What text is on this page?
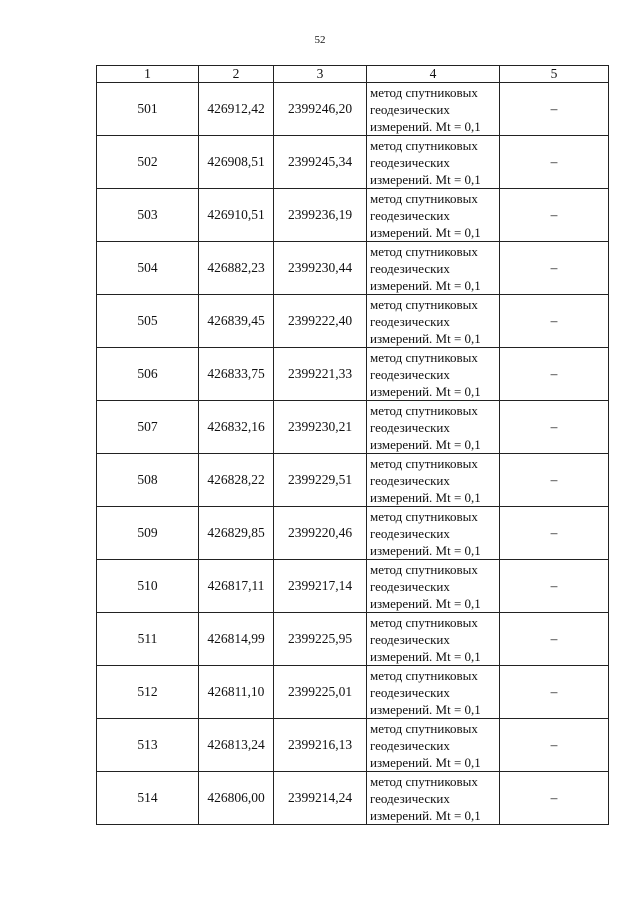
52
1	2	3	4	5
501	426912,42	2399246,20	метод спутниковых
геодезических
измерений. Mt = 0,1	–
502	426908,51	2399245,34	метод спутниковых
геодезических
измерений. Mt = 0,1	–
503	426910,51	2399236,19	метод спутниковых
геодезических
измерений. Mt = 0,1	–
504	426882,23	2399230,44	метод спутниковых
геодезических
измерений. Mt = 0,1	–
505	426839,45	2399222,40	метод спутниковых
геодезических
измерений. Mt = 0,1	–
506	426833,75	2399221,33	метод спутниковых
геодезических
измерений. Mt = 0,1	–
507	426832,16	2399230,21	метод спутниковых
геодезических
измерений. Mt = 0,1	–
508	426828,22	2399229,51	метод спутниковых
геодезических
измерений. Mt = 0,1	–
509	426829,85	2399220,46	метод спутниковых
геодезических
измерений. Mt = 0,1	–
510	426817,11	2399217,14	метод спутниковых
геодезических
измерений. Mt = 0,1	–
511	426814,99	2399225,95	метод спутниковых
геодезических
измерений. Mt = 0,1	–
512	426811,10	2399225,01	метод спутниковых
геодезических
измерений. Mt = 0,1	–
513	426813,24	2399216,13	метод спутниковых
геодезических
измерений. Mt = 0,1	–
514	426806,00	2399214,24	метод спутниковых
геодезических
измерений. Mt = 0,1	–
